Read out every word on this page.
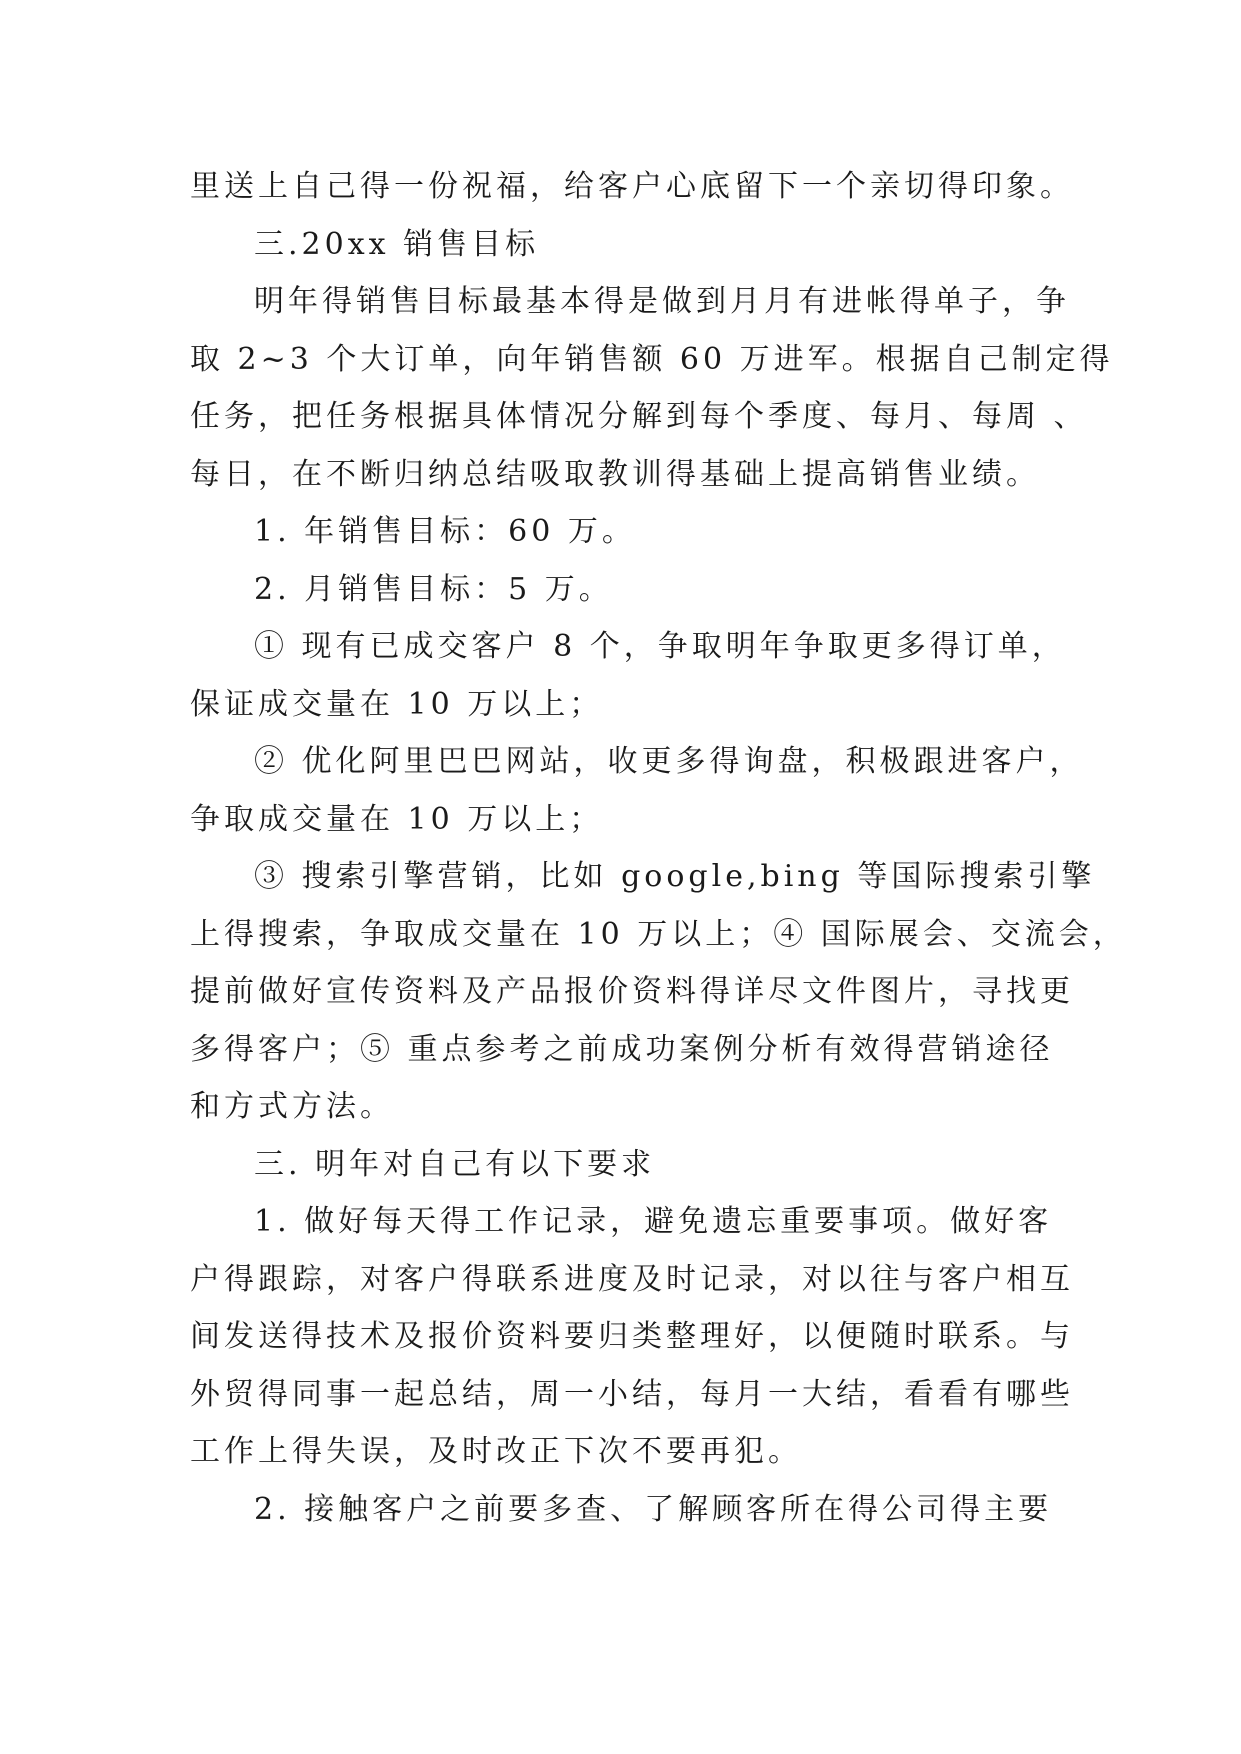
里送上自己得一份祝福，给客户心底留下一个亲切得印象。
三.20xx 销售目标
明年得销售目标最基本得是做到月月有进帐得单子，争
取 2~3 个大订单，向年销售额 60 万进军。根据自己制定得
任务，把任务根据具体情况分解到每个季度、每月、每周 、
每日，在不断归纳总结吸取教训得基础上提高销售业绩。
1. 年销售目标：60 万。
2. 月销售目标：5 万。
① 现有已成交客户 8 个，争取明年争取更多得订单，
保证成交量在 10 万以上；
② 优化阿里巴巴网站，收更多得询盘，积极跟进客户，
争取成交量在 10 万以上；
③ 搜索引擎营销，比如 google,bing 等国际搜索引擎
上得搜索，争取成交量在 10 万以上；④ 国际展会、交流会，
提前做好宣传资料及产品报价资料得详尽文件图片，寻找更
多得客户；⑤ 重点参考之前成功案例分析有效得营销途径
和方式方法。
三. 明年对自己有以下要求
1. 做好每天得工作记录，避免遗忘重要事项。做好客
户得跟踪，对客户得联系进度及时记录，对以往与客户相互
间发送得技术及报价资料要归类整理好，以便随时联系。与
外贸得同事一起总结，周一小结，每月一大结，看看有哪些
工作上得失误，及时改正下次不要再犯。
2. 接触客户之前要多查、了解顾客所在得公司得主要
